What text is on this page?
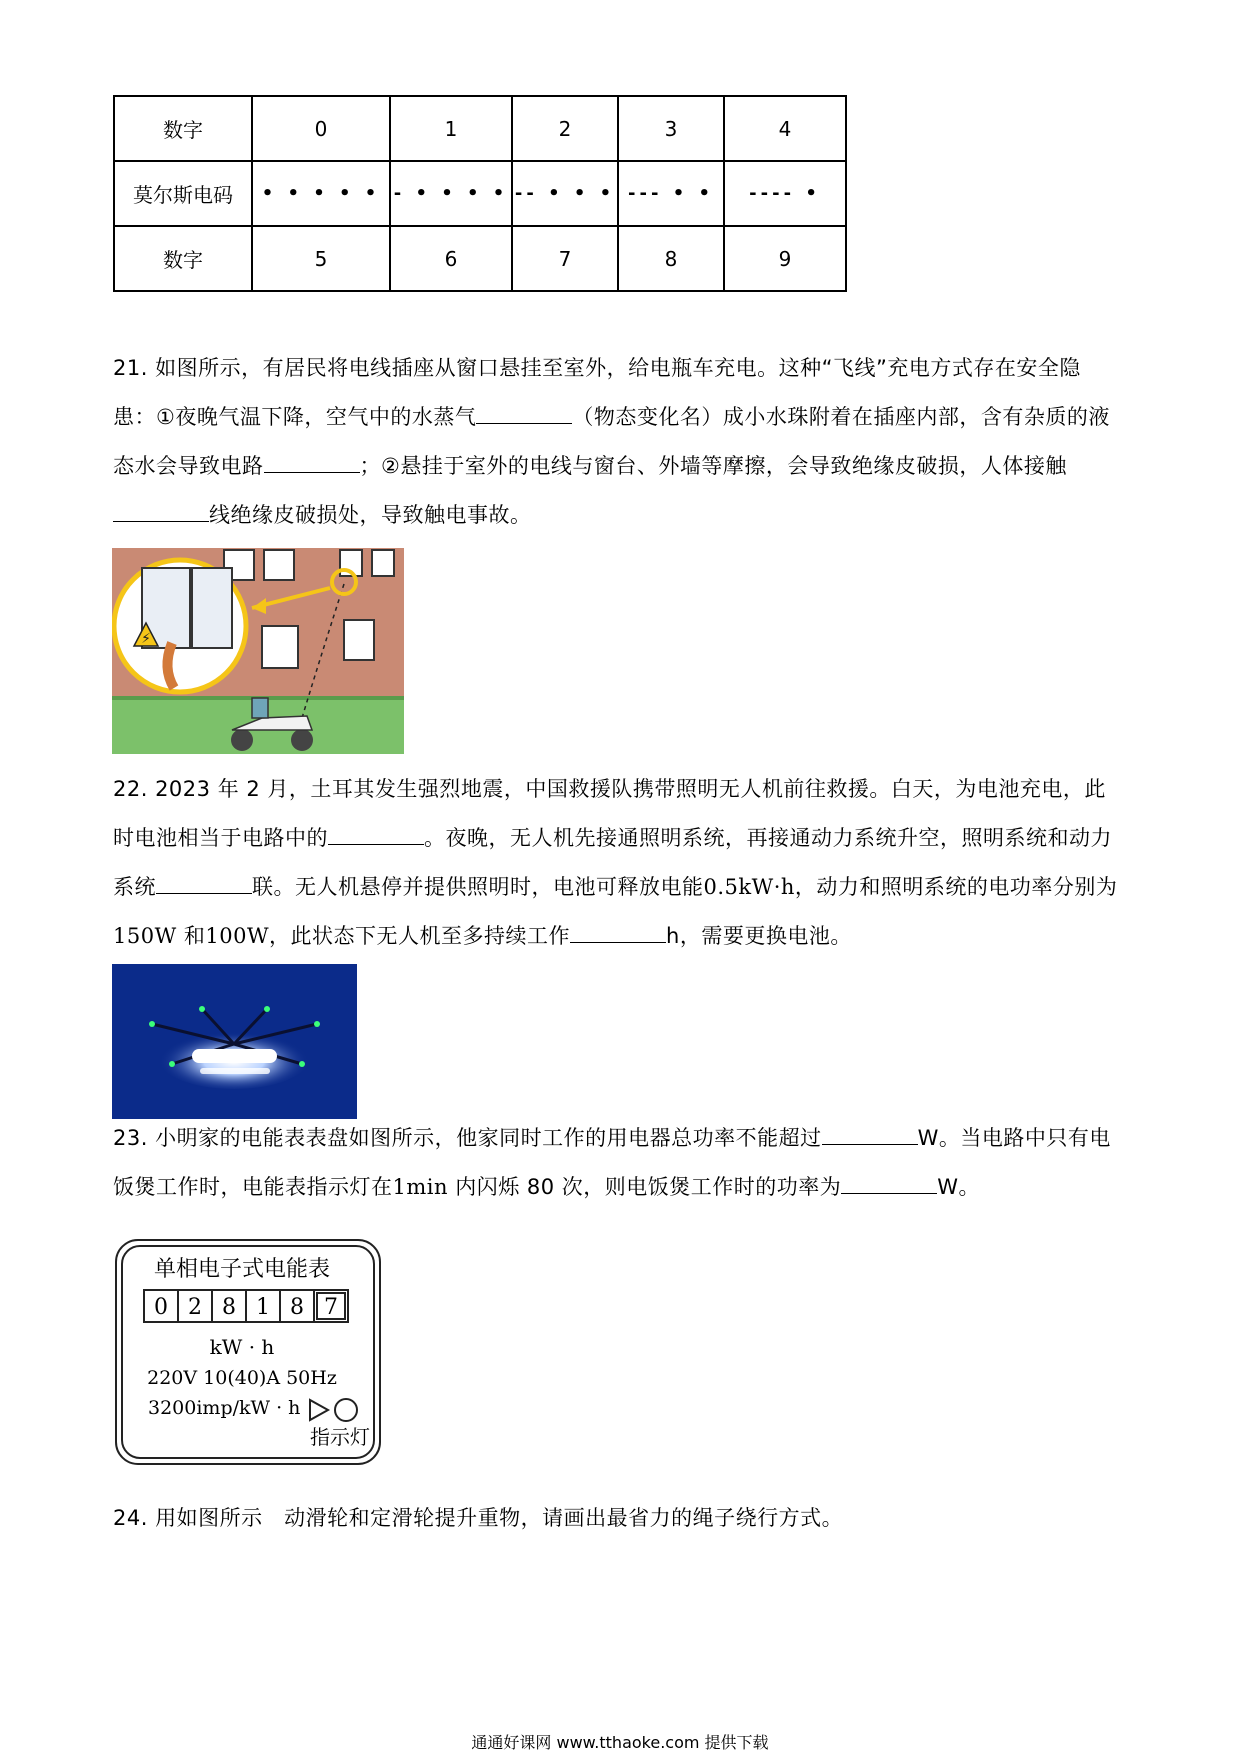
数字	0	1	2	3	4
莫尔斯电码	• • • • •	- • • • •	-- • • •	--- • •	---- •
数字	5	6	7	8	9
21. 如图所示，有居民将电线插座从窗口悬挂至室外，给电瓶车充电。这种“飞线”充电方式存在安全隐患：①夜晚气温下降，空气中的水蒸气	（物态变化名）成小水珠附着在插座内部，含有杂质的液态水会导致电路	；②悬挂于室外的电线与窗台、外墙等摩擦，会导致绝缘皮破损，人体接触
线绝缘皮破损处，导致触电事故。
⚡
22. 2023 年 2 月，土耳其发生强烈地震，中国救援队携带照明无人机前往救援。白天，为电池充电，此时电池相当于电路中的	。夜晚，无人机先接通照明系统，再接通动力系统升空，照明系统和动力系统	联。无人机悬停并提供照明时，电池可释放电能0.5kW·h，动力和照明系统的电功率分别为150W 和100W，此状态下无人机至多持续工作	h，需要更换电池。
23. 小明家的电能表表盘如图所示，他家同时工作的用电器总功率不能超过	W。当电路中只有电饭煲工作时，电能表指示灯在1min 内闪烁 80 次，则电饭煲工作时的功率为	W。
单相电子式电能表
0 2 8 1 8 7
kW · h
220V 10(40)A 50Hz
3200imp/kW · h
指示灯
24. 用如图所示　动滑轮和定滑轮提升重物，请画出最省力的绳子绕行方式。
通通好课网 www.tthaoke.com 提供下载
